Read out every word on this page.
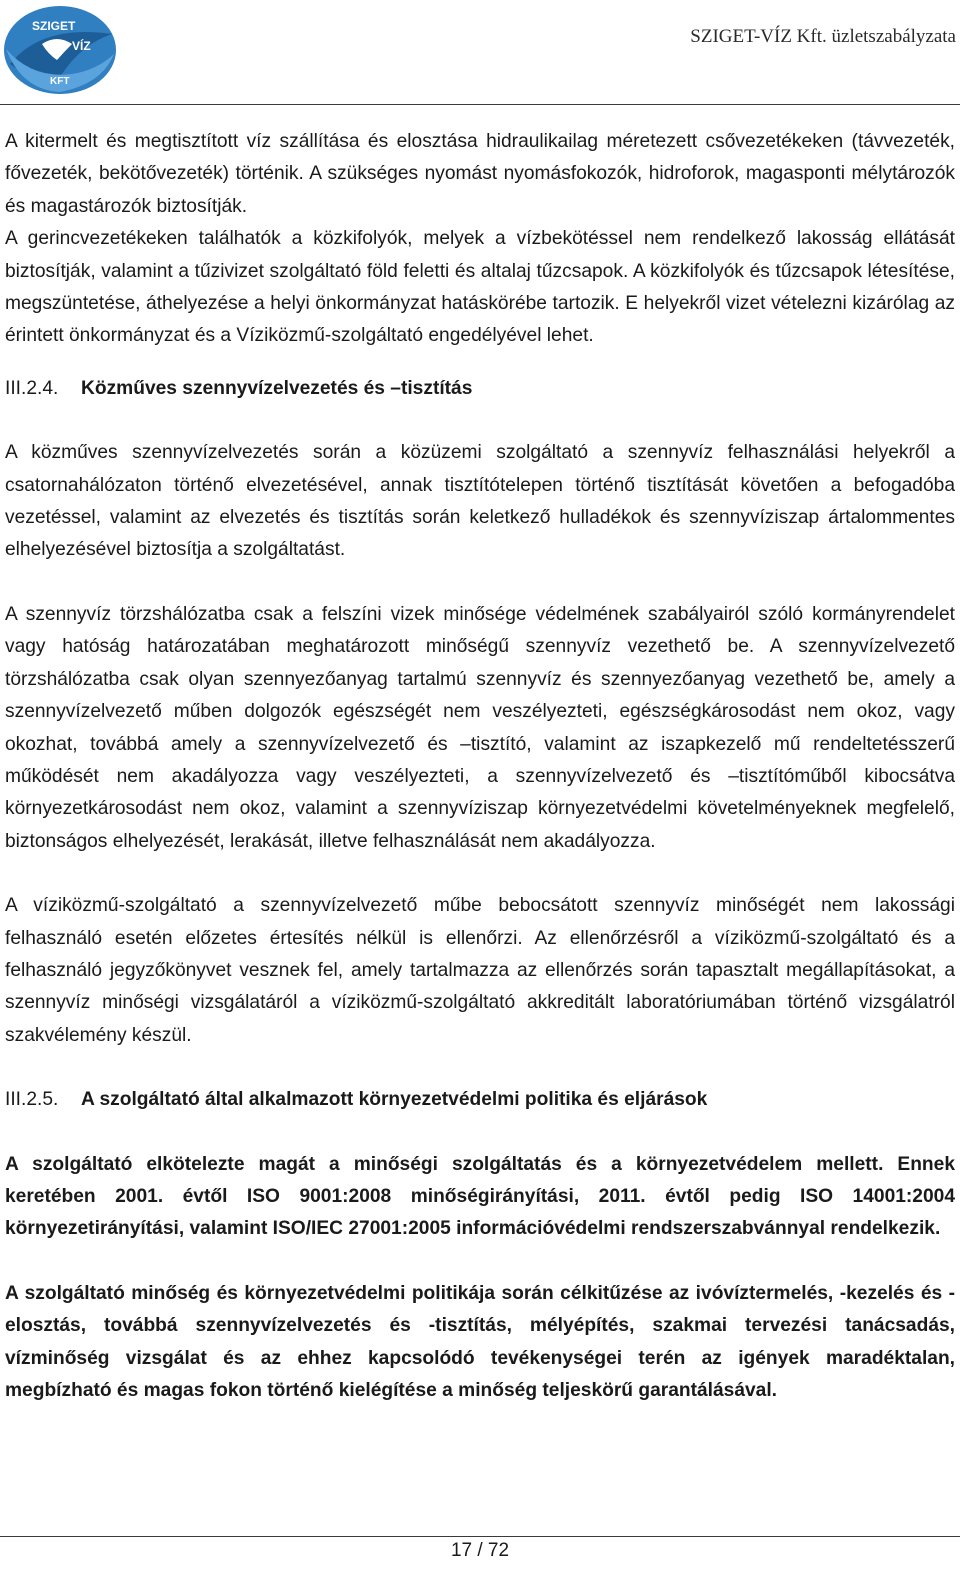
SZIGET
VÍZ
KFT
SZIGET-VÍZ Kft. üzletszabályzata

A kitermelt és megtisztított víz szállítása és elosztása hidraulikailag méretezett csővezetékeken (távvezeték, fővezeték, bekötővezeték) történik. A szükséges nyomást nyomásfokozók, hidroforok, magasponti mélytározók és magastározók biztosítják.

A gerincvezetékeken találhatók a közkifolyók, melyek a vízbekötéssel nem rendelkező lakosság ellátását biztosítják, valamint a tűzivizet szolgáltató föld feletti és altalaj tűzcsapok. A közkifolyók és tűzcsapok létesítése, megszüntetése, áthelyezése a helyi önkormányzat hatáskörébe tartozik. E helyekről vizet vételezni kizárólag az érintett önkormányzat és a Víziközmű-szolgáltató engedélyével lehet.

III.2.4.	Közműves szennyvízelvezetés és –tisztítás

A közműves szennyvízelvezetés során a közüzemi szolgáltató a szennyvíz felhasználási helyekről a csatornahálózaton történő elvezetésével, annak tisztítótelepen történő tisztítását követően a befogadóba vezetéssel, valamint az elvezetés és tisztítás során keletkező hulladékok és szennyvíziszap ártalommentes elhelyezésével biztosítja a szolgáltatást.

A szennyvíz törzshálózatba csak a felszíni vizek minősége védelmének szabályairól szóló kormányrendelet vagy hatóság határozatában meghatározott minőségű szennyvíz vezethető be. A szennyvízelvezető törzshálózatba csak olyan szennyezőanyag tartalmú szennyvíz és szennyezőanyag vezethető be, amely a szennyvízelvezető műben dolgozók egészségét nem veszélyezteti, egészségkárosodást nem okoz, vagy okozhat, továbbá amely a szennyvízelvezető és –tisztító, valamint az iszapkezelő mű rendeltetésszerű működését nem akadályozza vagy veszélyezteti, a szennyvízelvezető és –tisztítóműből kibocsátva környezetkárosodást nem okoz, valamint a szennyvíziszap környezetvédelmi követelményeknek megfelelő, biztonságos elhelyezését, lerakását, illetve felhasználását nem akadályozza.

A víziközmű-szolgáltató a szennyvízelvezető műbe bebocsátott szennyvíz minőségét nem lakossági felhasználó esetén előzetes értesítés nélkül is ellenőrzi. Az ellenőrzésről a víziközmű-szolgáltató és a felhasználó jegyzőkönyvet vesznek fel, amely tartalmazza az ellenőrzés során tapasztalt megállapításokat, a szennyvíz minőségi vizsgálatáról a víziközmű-szolgáltató akkreditált laboratóriumában történő vizsgálatról szakvélemény készül.

III.2.5.	A szolgáltató által alkalmazott környezetvédelmi politika és eljárások

A szolgáltató elkötelezte magát a minőségi szolgáltatás és a környezetvédelem mellett. Ennek keretében 2001. évtől ISO 9001:2008 minőségirányítási, 2011. évtől pedig ISO 14001:2004 környezetirányítási, valamint ISO/IEC 27001:2005 információvédelmi rendszerszabvánnyal rendelkezik.

A szolgáltató minőség és környezetvédelmi politikája során célkitűzése az ivóvíztermelés, -kezelés és -elosztás, továbbá szennyvízelvezetés és -tisztítás, mélyépítés, szakmai tervezési tanácsadás, vízminőség vizsgálat és az ehhez kapcsolódó tevékenységei terén az igények maradéktalan, megbízható és magas fokon történő kielégítése a minőség teljeskörű garantálásával.

17 / 72
